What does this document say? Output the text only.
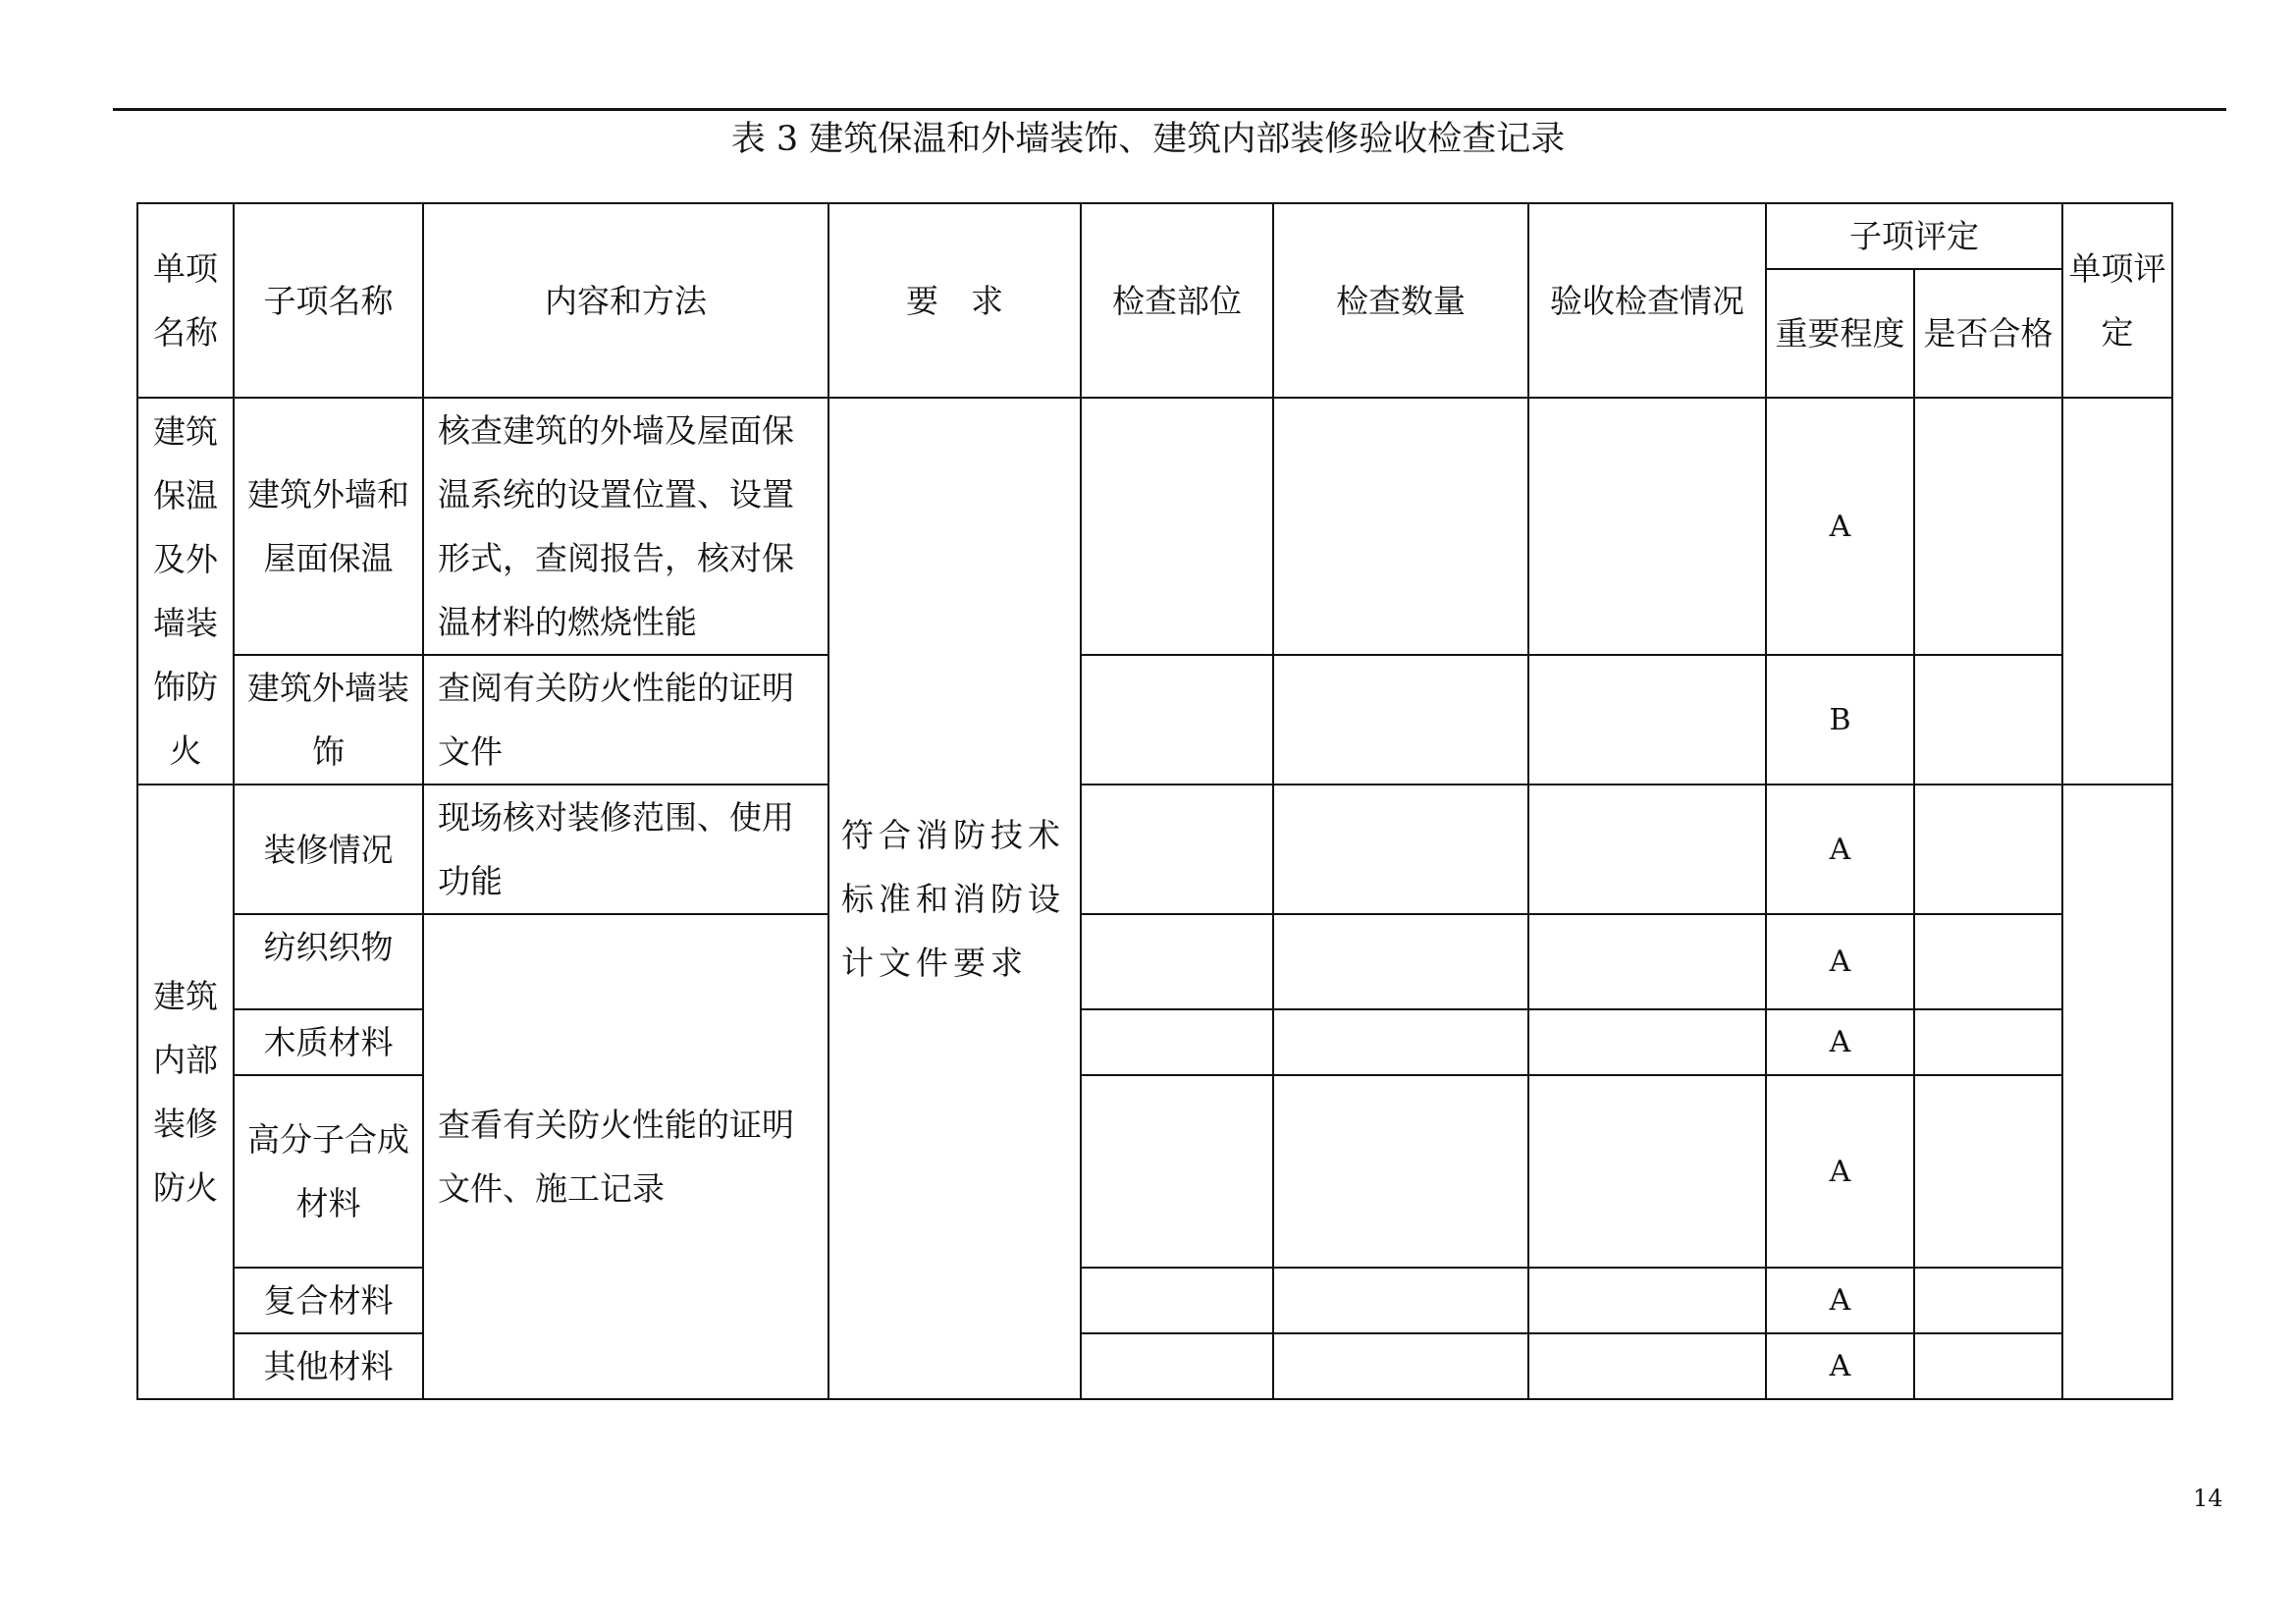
表 3 建筑保温和外墙装饰、建筑内部装修验收检查记录
单项名称	子项名称	内容和方法	要　求	检查部位	检查数量	验收检查情况	子项评定		单项评定
							重要程度	是否合格	
建筑保温及外墙装饰防火	建筑外墙和屋面保温	核查建筑的外墙及屋面保温系统的设置位置、设置形式，查阅报告，核对保温材料的燃烧性能	符合消防技术标准和消防设计文件要求				A		
	建筑外墙装饰	查阅有关防火性能的证明文件					B		
建筑内部装修防火	装修情况	现场核对装修范围、使用功能					A		
	纺织织物	查看有关防火性能的证明文件、施工记录					A		
	木质材料						A		
	高分子合成材料						A		
	复合材料						A		
	其他材料						A		
14
